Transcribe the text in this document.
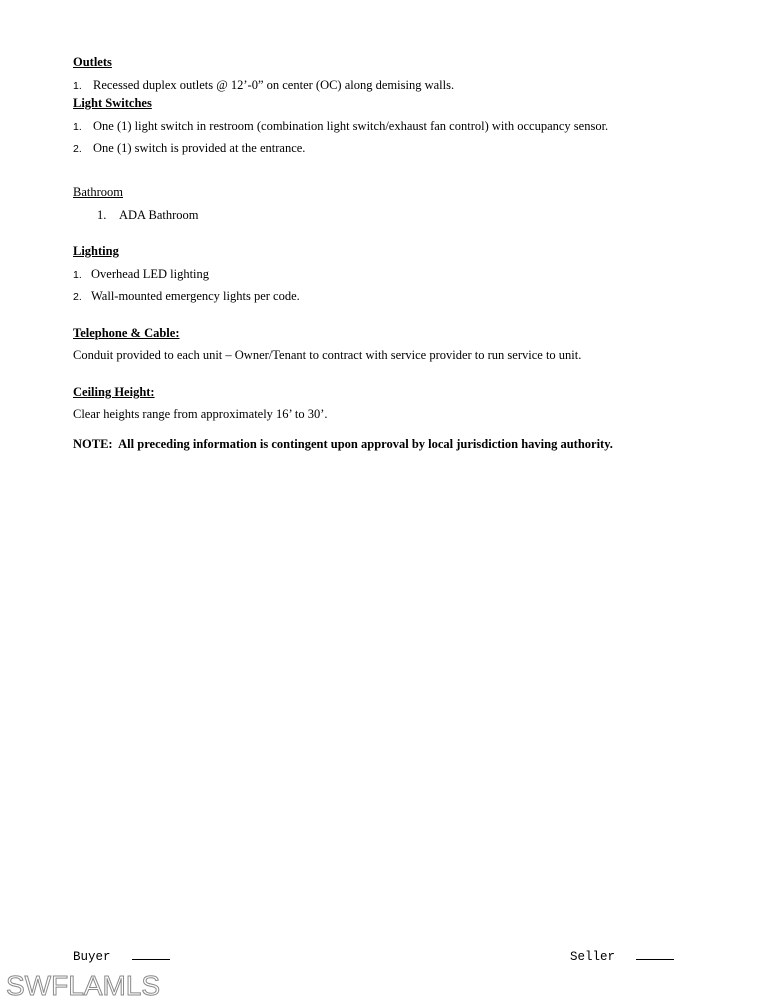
Outlets
1. Recessed duplex outlets @ 12’-0” on center (OC) along demising walls.
Light Switches
1. One (1) light switch in restroom (combination light switch/exhaust fan control) with occupancy sensor.
2. One (1) switch is provided at the entrance.
Bathroom
1. ADA Bathroom
Lighting
1. Overhead LED lighting
2. Wall-mounted emergency lights per code.
Telephone & Cable:
Conduit provided to each unit – Owner/Tenant to contract with service provider to run service to unit.
Ceiling Height:
Clear heights range from approximately 16’ to 30’.
NOTE:  All preceding information is contingent upon approval by local jurisdiction having authority.
Buyer	Seller
SWFLAMLS
